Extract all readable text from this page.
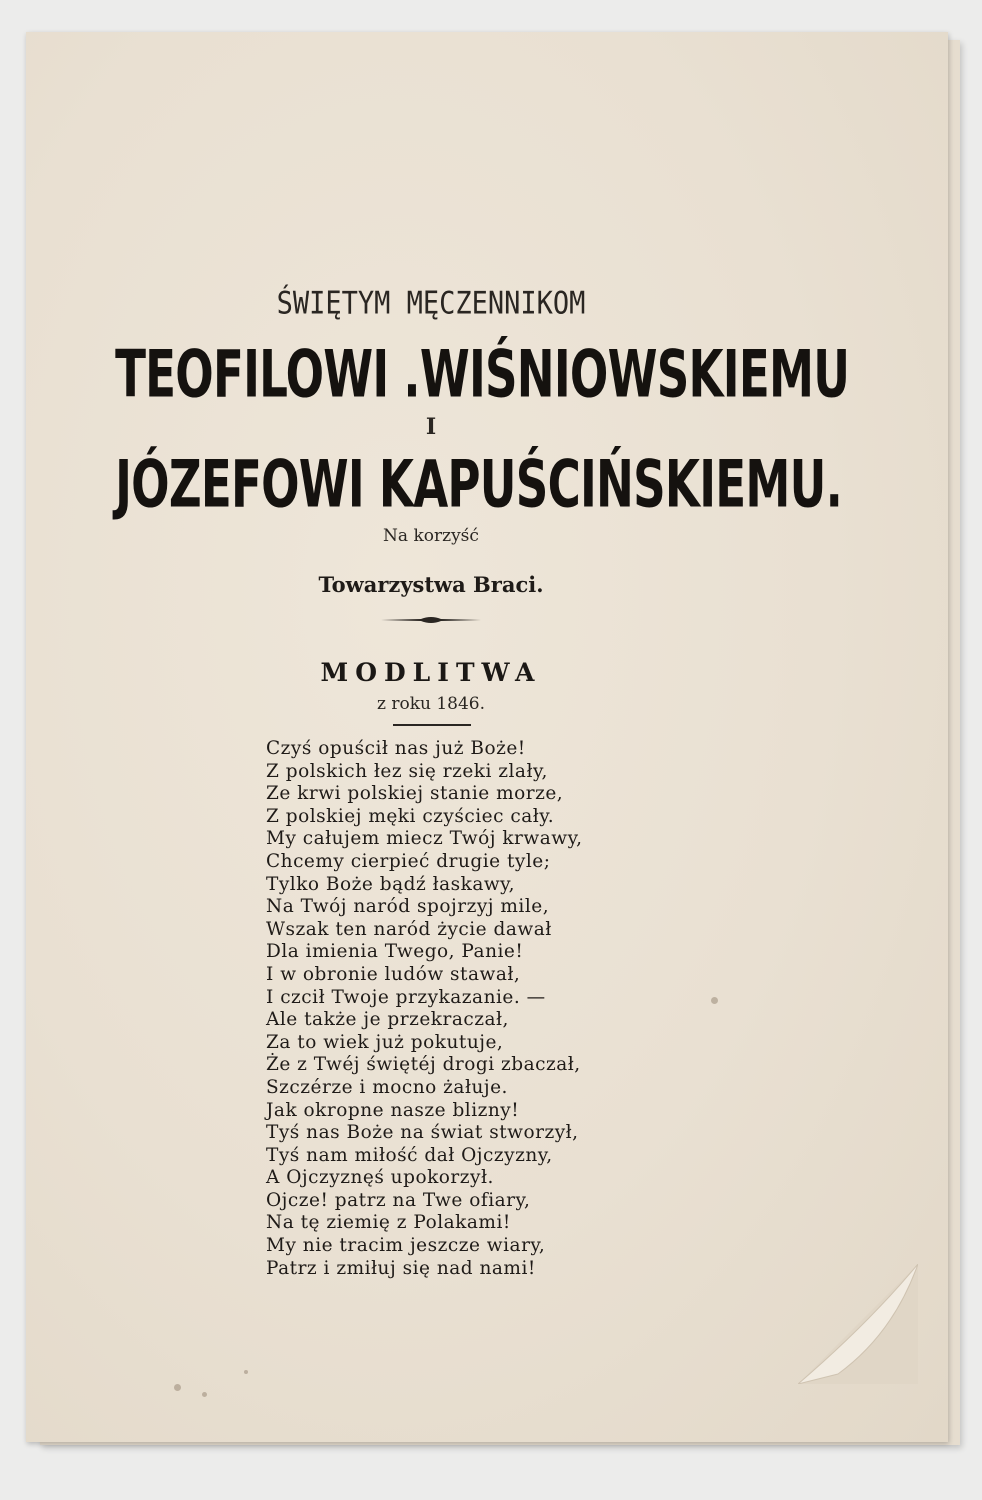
ŚWIĘTYM MĘCZENNIKOM
TEOFILOWI .WIŚNIOWSKIEMU
I
JÓZEFOWI KAPUŚCIŃSKIEMU.
Na korzyść
Towarzystwa Braci.
MODLITWA
z roku 1846.
Czyś opuścił nas już Boże!
Z polskich łez się rzeki zlały,
Ze krwi polskiej stanie morze,
Z polskiej męki czyściec cały.
My całujem miecz Twój krwawy,
Chcemy cierpieć drugie tyle;
Tylko Boże bądź łaskawy,
Na Twój naród spojrzyj mile,
Wszak ten naród życie dawał
Dla imienia Twego, Panie!
I w obronie ludów stawał,
I czcił Twoje przykazanie. —
Ale także je przekraczał,
Za to wiek już pokutuje,
Że z Twéj świętéj drogi zbaczał,
Szczérze i mocno żałuje.
Jak okropne nasze blizny!
Tyś nas Boże na świat stworzył,
Tyś nam miłość dał Ojczyzny,
A Ojczyznęś upokorzył.
Ojcze! patrz na Twe ofiary,
Na tę ziemię z Polakami!
My nie tracim jeszcze wiary,
Patrz i zmiłuj się nad nami!
